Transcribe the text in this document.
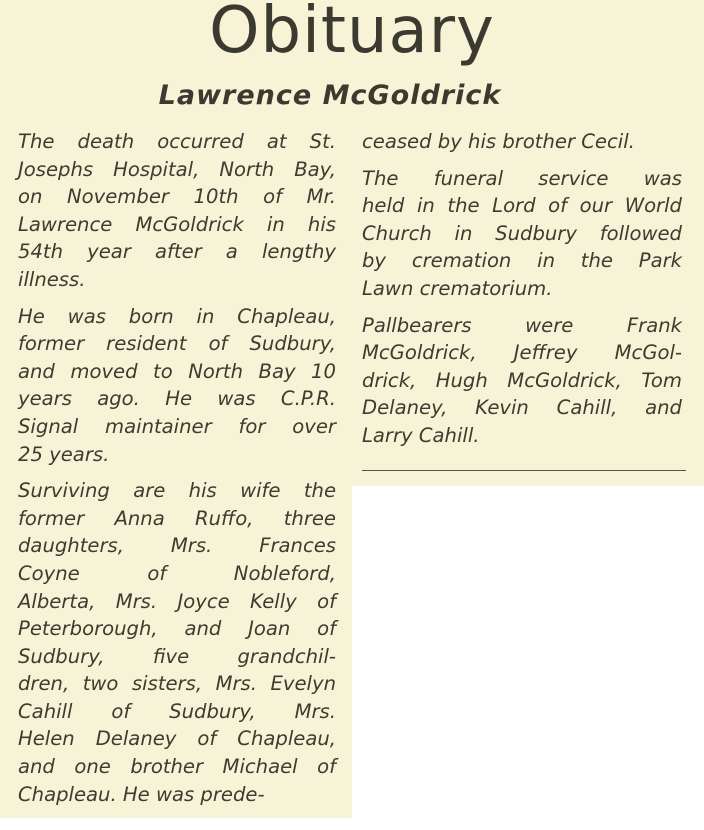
Obituary
Lawrence McGoldrick

The death occurred at St.
Josephs Hospital, North Bay,
on November 10th of Mr.
Lawrence McGoldrick in his
54th year after a lengthy
illness.

He was born in Chapleau,
former resident of Sudbury,
and moved to North Bay 10
years ago. He was C.P.R.
Signal maintainer for over
25 years.

Surviving are his wife the
former Anna Ruffo, three
daughters, Mrs. Frances
Coyne of Nobleford,
Alberta, Mrs. Joyce Kelly of
Peterborough, and Joan of
Sudbury, five grandchil-
dren, two sisters, Mrs. Evelyn
Cahill of Sudbury, Mrs.
Helen Delaney of Chapleau,
and one brother Michael of
Chapleau. He was prede-

ceased by his brother Cecil.

The funeral service was
held in the Lord of our World
Church in Sudbury followed
by cremation in the Park
Lawn crematorium.

Pallbearers were Frank
McGoldrick, Jeffrey McGol-
drick, Hugh McGoldrick, Tom
Delaney, Kevin Cahill, and
Larry Cahill.
